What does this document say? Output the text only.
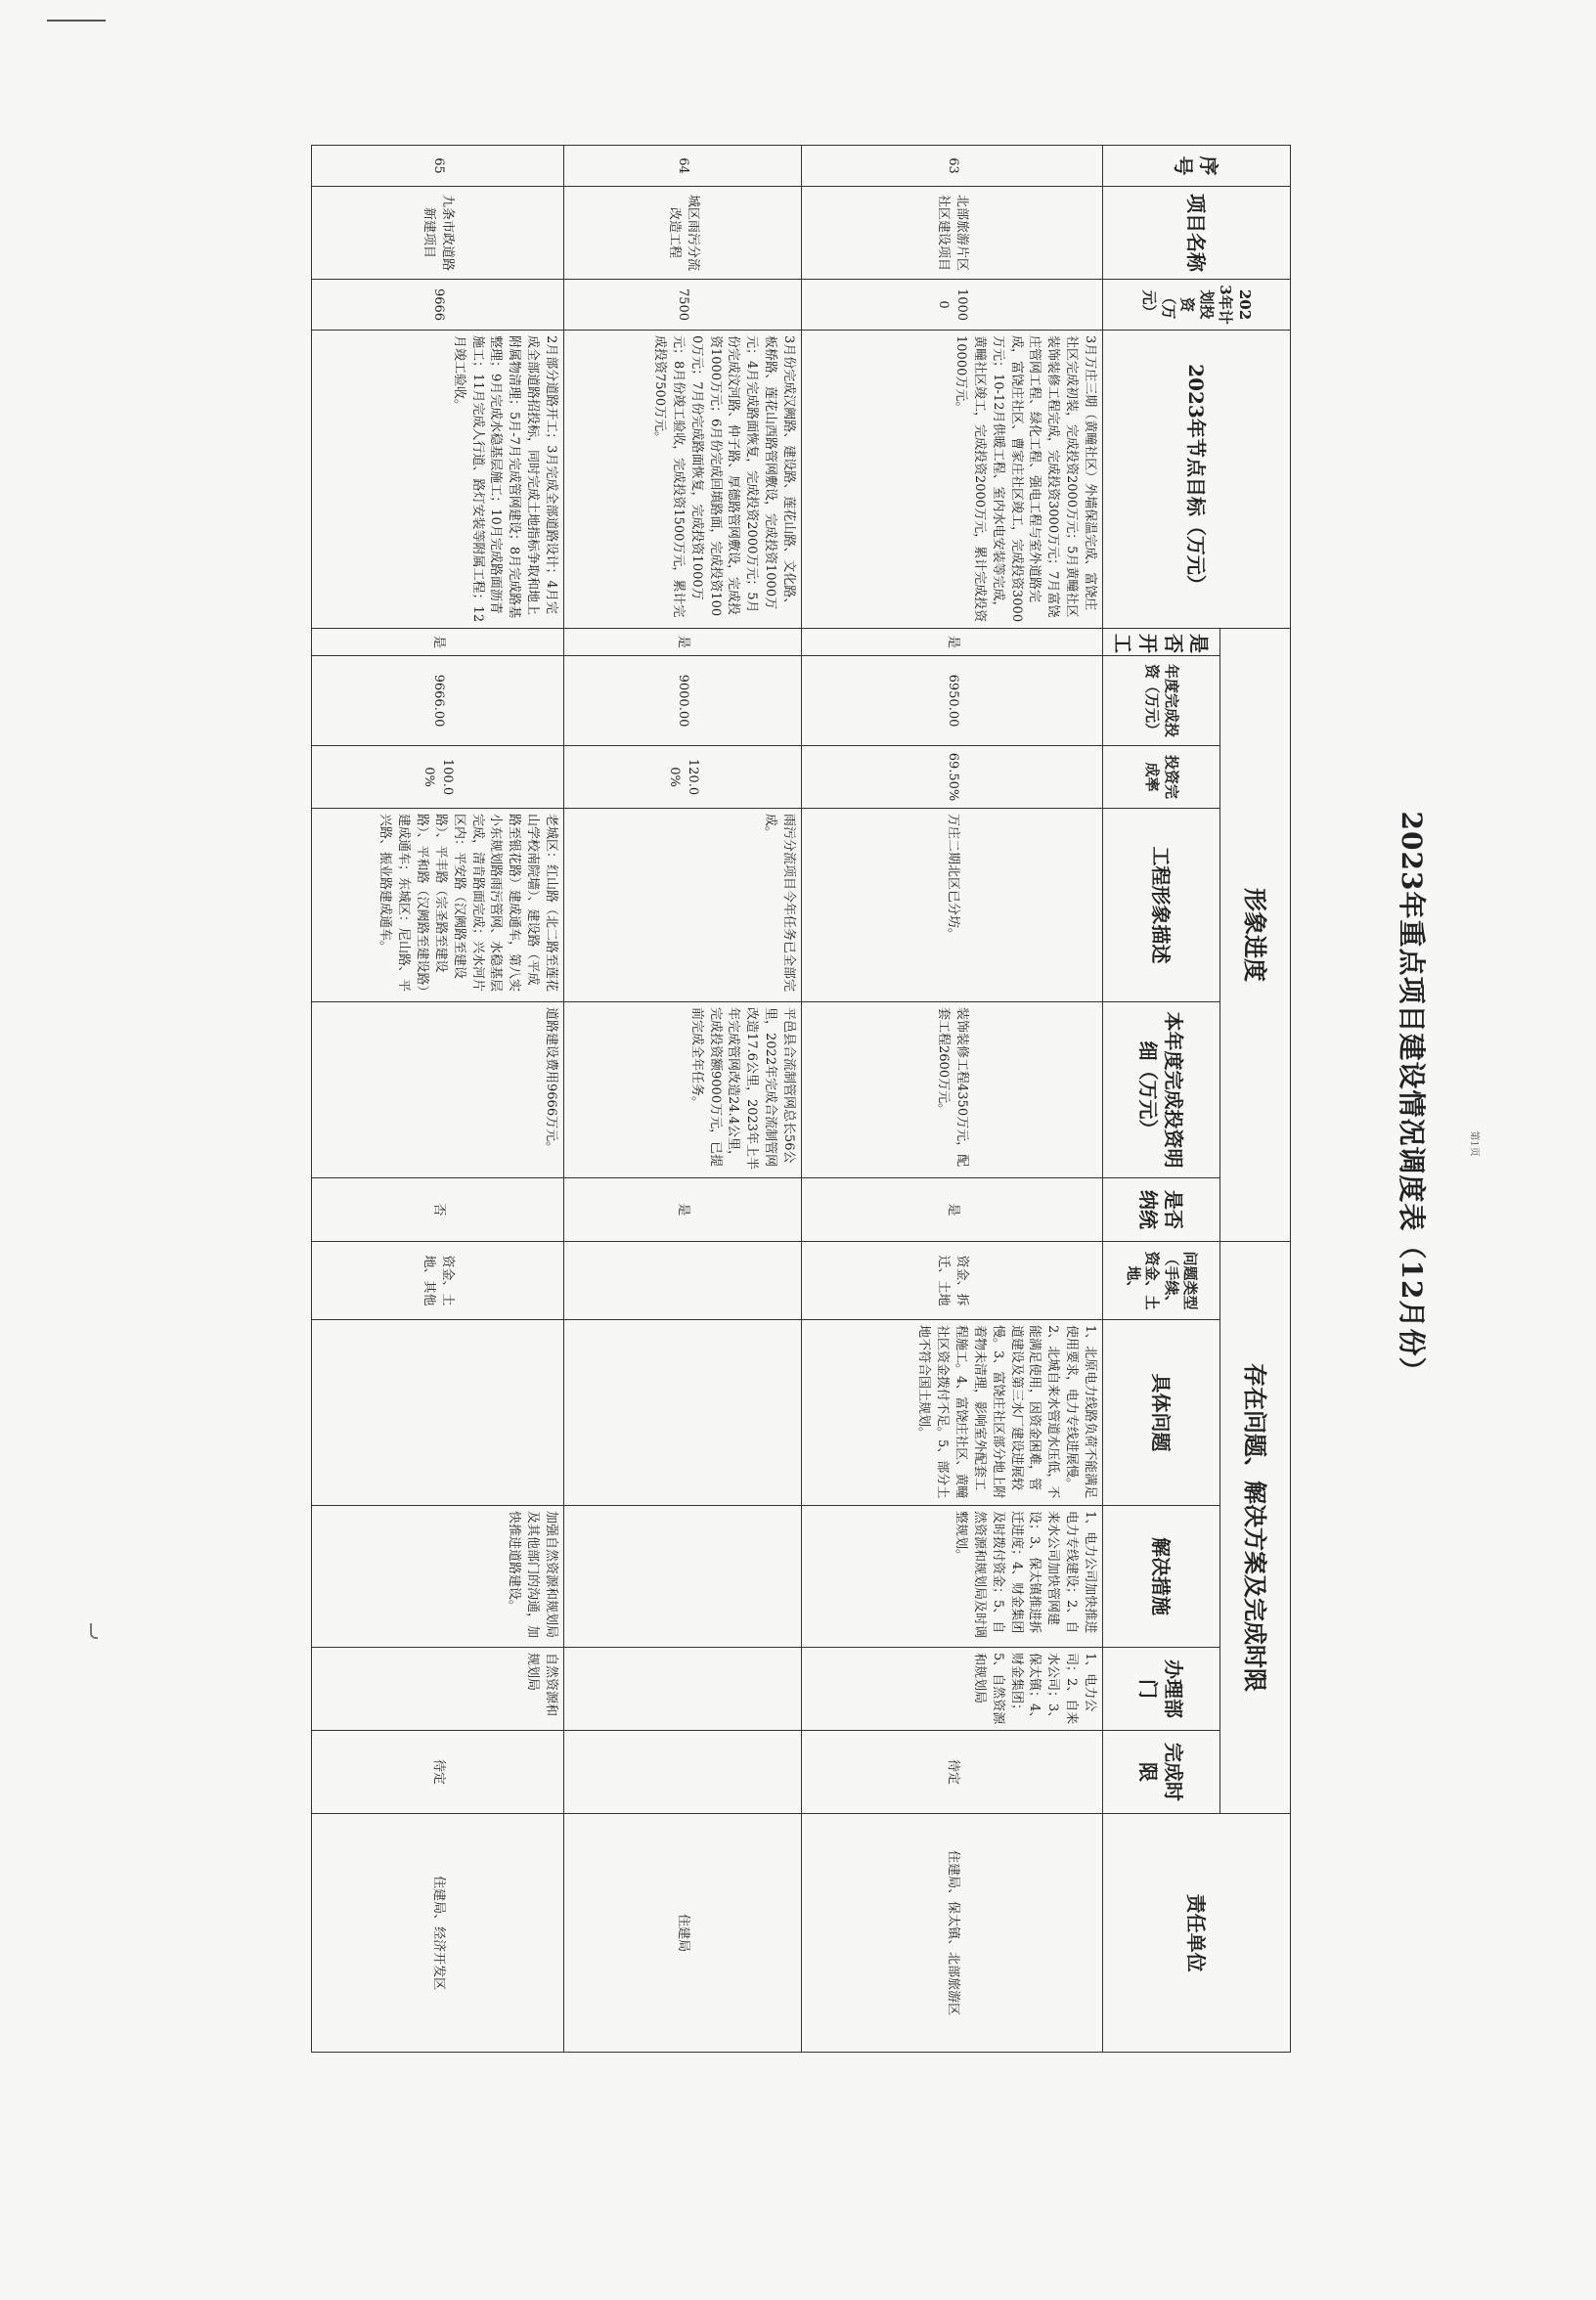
第1页
2023年重点项目建设情况调度表（12月份）
序号	项目名称	2023年计划投资（万元）	2023年节点目标（万元）	形象进度						存在问题、解决方案及完成时限					责任单位
				是否开工	年度完成投资（万元）	投资完成率	工程形象描述	本年度完成投资明细（万元）	是否纳统	问题类型（手续、资金、土地、	具体问题	解决措施	办理部门	完成时限	
63	北部旅游片区社区建设项目	10000	3月万庄三期（黄疃社区）外墙保温完成、富饶庄社区完成初装，完成投资2000万元；5月黄疃社区装饰装修工程完成，完成投资3000万元；7月富饶庄管网工程、绿化工程、强电工程与室外道路完成，富饶庄社区、曹家庄社区竣工，完成投资3000万元；10-12月供暖工程、室内水电安装等完成，黄疃社区竣工，完成投资2000万元，累计完成投资10000万元。	是	6950.00	69.50%	万庄二期北区已分坊。	装饰装修工程4350万元，配套工程2600万元。	是	资金、拆迁、土地	1、北原电力线路负荷不能满足使用要求，电力专线进展慢。2、北城自来水管道水压低，不能满足使用，因资金困难，管道建设及第三水厂建设进展较慢。3、富饶庄社区部分地上附着物未清理，影响室外配套工程施工。4、富饶庄社区、黄疃社区资金拨付不足。5、部分土地不符合国土规划。	1、电力公司加快推进电力专线建设；2、自来水公司加快管网建设；3、保太镇推进拆迁进度；4、财金集团及时拨付资金；5、自然资源和规划局及时调整规划。	1、电力公司；2、自来水公司；3、保太镇；4、财金集团；5、自然资源和规划局	待定	住建局、保太镇、北部旅游区
64	城区雨污分流改造工程	7500	3月份完成汉阙路、建设路、莲花山路、文化路、板桥路、莲花山西路管网敷设，完成投资1000万元；4月完成路面恢复，完成投资2000万元；5月份完成汶河路、仲子路、厚德路管网敷设，完成投资1000万元；6月份完成回填路面，完成投资1000万元；7月份完成路面恢复，完成投资1000万元；8月份竣工验收，完成投资1500万元，累计完成投资7500万元。	是	9000.00	120.00%	雨污分流项目今年任务已全部完成。	平邑县合流制管网总长56公里，2022年完成合流制管网改造17.6公里，2023年上半年完成管网改造24.4公里，完成投资额9000万元，已提前完成全年任务。	是						住建局
65	九条市政道路新建项目	9666	2月部分道路开工；3月完成全部道路设计；4月完成全部道路招投标，同时完成土地指标争取和地上附属物清理；5月-7月完成管网建设；8月完成路基整理；9月完成水稳基层施工；10月完成路面沥青施工；11月完成人行道、路灯安装等附属工程；12月竣工验收。	是	9666.00	100.00%	老城区：红山路（北二路至莲花山学校南院墙）、建设路（平成路至银花路）建成通车，第八实小东规划路雨污管网、水稳基层完成，清肯路面完成；兴水河片区内：平安路（汉阙路至建设路）、平丰路（宗圣路至建设路）、平和路（汉阙路至建设路）建成通车；东城区：尼山路、平兴路、振业路建成通车。	道路建设费用9666万元。	否	资金、土地、其他		加强自然资源和规划局及其他部门的沟通，加快推进道路建设。	自然资源和规划局	待定	住建局、经济开发区
